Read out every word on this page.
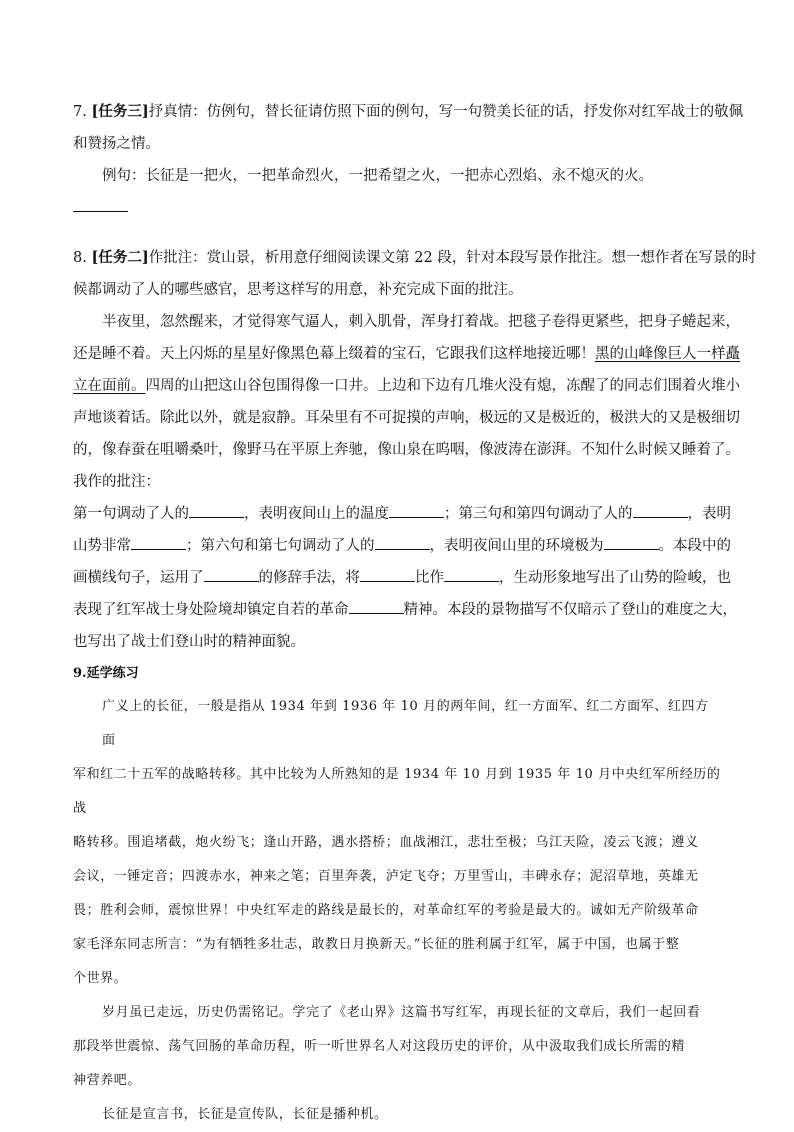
7. [任务三]抒真情：仿例句，替长征请仿照下面的例句，写一句赞美长征的话，抒发你对红军战士的敬佩
和赞扬之情。
例句：长征是一把火，一把革命烈火，一把希望之火，一把赤心烈焰、永不熄灭的火。
8. [任务二]作批注：赏山景，析用意仔细阅读课文第 22 段，针对本段写景作批注。想一想作者在写景的时
候都调动了人的哪些感官，思考这样写的用意，补充完成下面的批注。
半夜里，忽然醒来，才觉得寒气逼人，刺入肌骨，浑身打着战。把毯子卷得更紧些，把身子蜷起来，
还是睡不着。天上闪烁的星星好像黑色幕上缀着的宝石，它跟我们这样地接近哪！黑的山峰像巨人一样矗
立在面前。四周的山把这山谷包围得像一口井。上边和下边有几堆火没有熄，冻醒了的同志们围着火堆小
声地谈着话。除此以外，就是寂静。耳朵里有不可捉摸的声响，极远的又是极近的，极洪大的又是极细切
的，像春蚕在咀嚼桑叶，像野马在平原上奔驰，像山泉在呜咽，像波涛在澎湃。不知什么时候又睡着了。
我作的批注：
第一句调动了人的	，表明夜间山上的温度	；第三句和第四句调动了人的	，表明
山势非常	；第六句和第七句调动了人的	，表明夜间山里的环境极为	。本段中的
画横线句子，运用了	的修辞手法，将	比作	，生动形象地写出了山势的险峻，也
表现了红军战士身处险境却镇定自若的革命	精神。本段的景物描写不仅暗示了登山的难度之大，
也写出了战士们登山时的精神面貌。
9.延学练习
广义上的长征，一般是指从 1934 年到 1936 年 10 月的两年间，红一方面军、红二方面军、红四方面
军和红二十五军的战略转移。其中比较为人所熟知的是 1934 年 10 月到 1935 年 10 月中央红军所经历的战
略转移。围追堵截，炮火纷飞；逢山开路，遇水搭桥；血战湘江，悲壮至极；乌江天险，凌云飞渡；遵义
会议，一锤定音；四渡赤水，神来之笔；百里奔袭，泸定飞夺；万里雪山，丰碑永存；泥沼草地，英雄无
畏；胜利会师，震惊世界！中央红军走的路线是最长的，对革命红军的考验是最大的。诚如无产阶级革命
家毛泽东同志所言：“为有牺牲多壮志，敢教日月换新天。”长征的胜利属于红军，属于中国，也属于整
个世界。
岁月虽已走远，历史仍需铭记。学完了《老山界》这篇书写红军，再现长征的文章后，我们一起回看
那段举世震惊、荡气回肠的革命历程，听一听世界名人对这段历史的评价，从中汲取我们成长所需的精
神营养吧。
长征是宣言书，长征是宣传队，长征是播种机。
